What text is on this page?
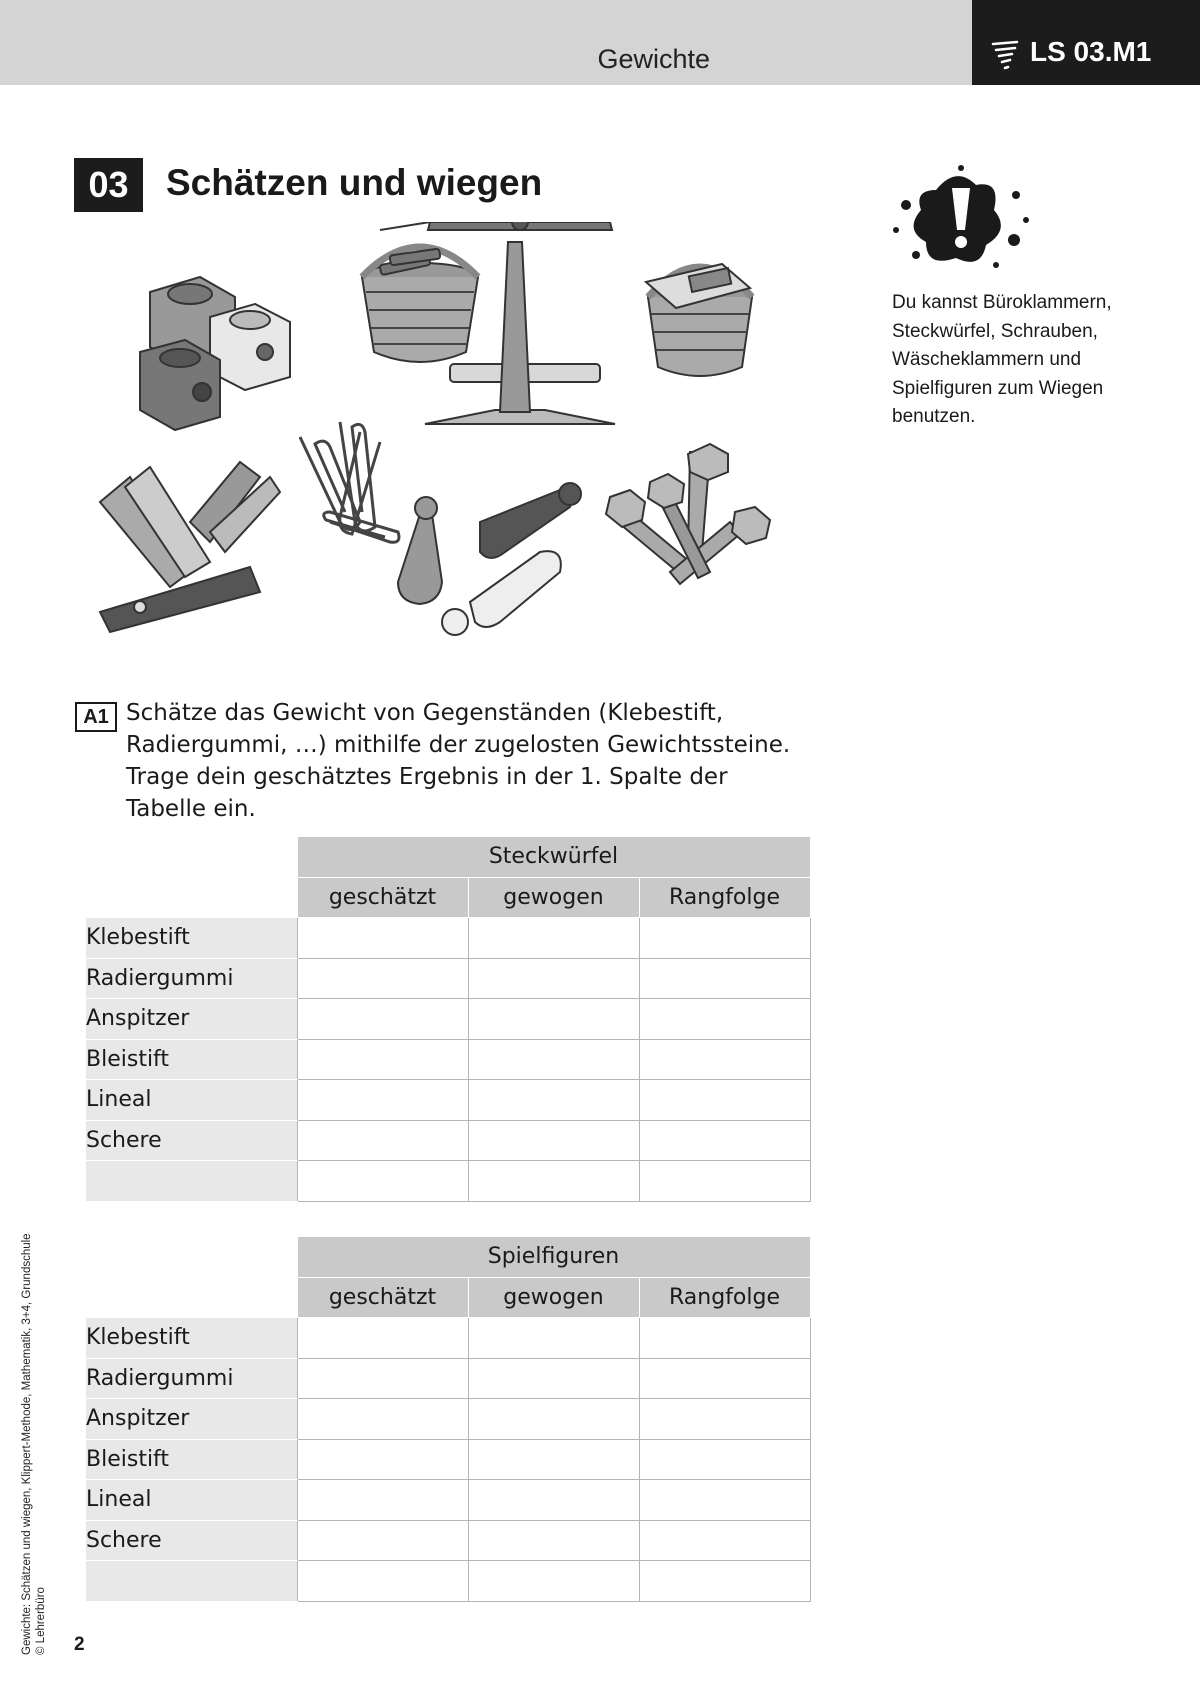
Gewichte	LS 03.M1
03	Schätzen und wiegen
Du kannst Büroklammern, Steckwürfel, Schrauben, Wäscheklammern und Spielfiguren zum Wiegen benutzen.
A1 Schätze das Gewicht von Gegenständen (Klebestift,
Radiergummi, …) mithilfe der zugelosten Gewichtssteine.
Trage dein geschätztes Ergebnis in der 1. Spalte der
Tabelle ein.
	Steckwürfel		
	geschätzt	gewogen	Rangfolge
Klebestift			
Radiergummi			
Anspitzer			
Bleistift			
Lineal			
Schere			

	Spielfiguren		
	geschätzt	gewogen	Rangfolge
Klebestift			
Radiergummi			
Anspitzer			
Bleistift			
Lineal			
Schere			

Gewichte: Schätzen und wiegen, Klippert-Methode, Mathematik, 3+4, Grundschule © Lehrerbüro 2
